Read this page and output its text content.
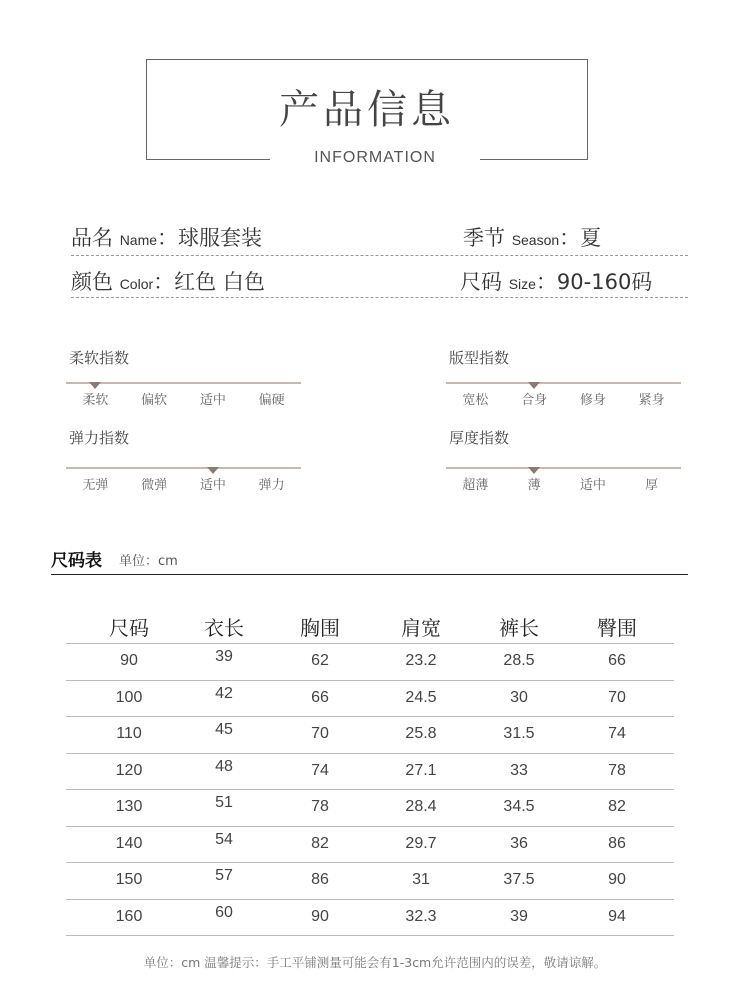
产品信息
INFORMATION
品名 Name：球服套装	季节 Season：夏
颜色 Color：红色 白色	尺码 Size：90-160码
柔软指数
柔软	偏软	适中	偏硬
版型指数
宽松	合身	修身	紧身
弹力指数
无弹	微弹	适中	弹力
厚度指数
超薄	薄	适中	厚
尺码表 单位：cm
尺码	衣长	胸围	肩宽	裤长	臀围
90	39	62	23.2	28.5	66
100	42	66	24.5	30	70
110	45	70	25.8	31.5	74
120	48	74	27.1	33	78
130	51	78	28.4	34.5	82
140	54	82	29.7	36	86
150	57	86	31	37.5	90
160	60	90	32.3	39	94
单位：cm 温馨提示：手工平铺测量可能会有1-3cm允许范围内的误差，敬请谅解。
